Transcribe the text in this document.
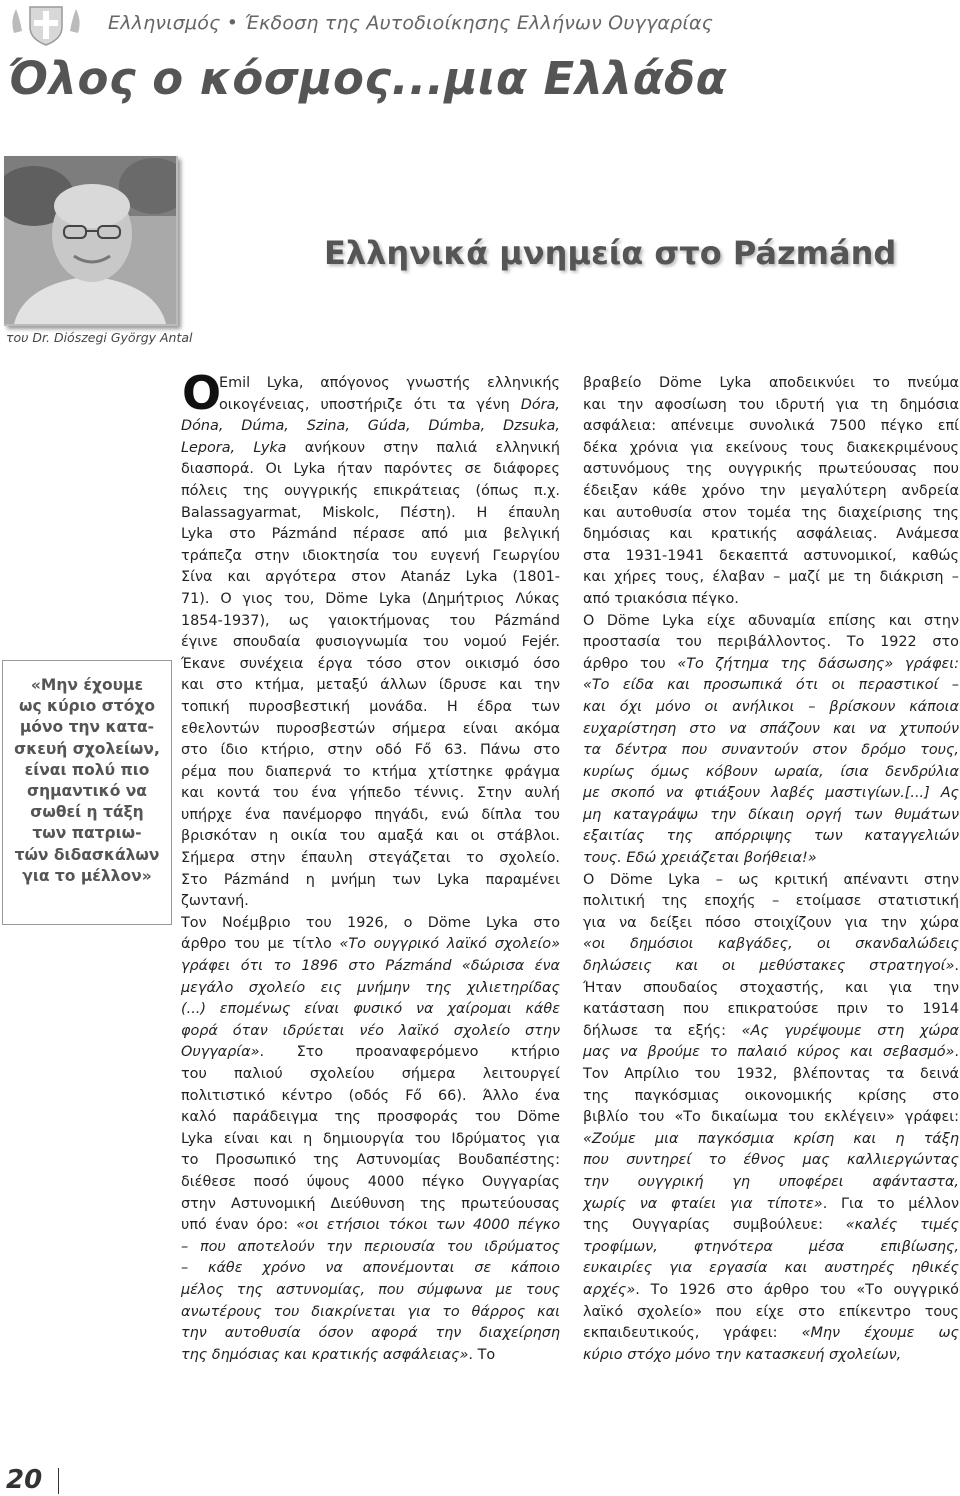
Ελληνισμός • Έκδοση της Αυτοδιοίκησης Ελλήνων Ουγγαρίας
Όλος ο κόσμος...μια Ελλάδα
του Dr. Diószegi György Antal
Ελληνικά μνημεία στο Pázmánd
«Μην έχουμε
ως κύριο στόχο
μόνο την κατα-
σκευή σχολείων,
είναι πολύ πιο
σημαντικό να
σωθεί η τάξη
των πατριω-
τών διδασκάλων
για το μέλλον»
O
Emil Lyka, απόγονος γνωστής ελληνικής
οικογένειας, υποστήριζε ότι τα γένη Dóra,
Dóna, Dúma, Szina, Gúda, Dúmba, Dzsuka,
Lepora, Lyka ανήκουν στην παλιά ελληνική
διασπορά. Οι Lyka ήταν παρόντες σε διάφορες
πόλεις της ουγγρικής επικράτειας (όπως π.χ.
Balassagyarmat, Miskolc, Πέστη). Η έπαυλη
Lyka στο Pázmánd πέρασε από μια βελγική
τράπεζα στην ιδιοκτησία του ευγενή Γεωργίου
Σίνα και αργότερα στον Atanáz Lyka (1801-
71). Ο γιος του, Döme Lyka (Δημήτριος Λύκας
1854-1937), ως γαιοκτήμονας του Pázmánd
έγινε σπουδαία φυσιογνωμία του νομού Fejér.
Έκανε συνέχεια έργα τόσο στον οικισμό όσο
και στο κτήμα, μεταξύ άλλων ίδρυσε και την
τοπική πυροσβεστική μονάδα. Η έδρα των
εθελοντών πυροσβεστών σήμερα είναι ακόμα
στο ίδιο κτήριο, στην οδό Fő 63. Πάνω στο
ρέμα που διαπερνά το κτήμα χτίστηκε φράγμα
και κοντά του ένα γήπεδο τέννις. Στην αυλή
υπήρχε ένα πανέμορφο πηγάδι, ενώ δίπλα του
βρισκόταν η οικία του αμαξά και οι στάβλοι.
Σήμερα στην έπαυλη στεγάζεται το σχολείο.
Στο Pázmánd η μνήμη των Lyka παραμένει
ζωντανή.
Τον Νοέμβριο του 1926, ο Döme Lyka στο
άρθρο του με τίτλο «Το ουγγρικό λαϊκό σχολείο»
γράφει ότι το 1896 στο Pázmánd «δώρισα ένα
μεγάλο σχολείο εις μνήμην της χιλιετηρίδας
(...) επομένως είναι φυσικό να χαίρομαι κάθε
φορά όταν ιδρύεται νέο λαϊκό σχολείο στην
Ουγγαρία». Στο προαναφερόμενο κτήριο
του παλιού σχολείου σήμερα λειτουργεί
πολιτιστικό κέντρο (οδός Fő 66). Άλλο ένα
καλό παράδειγμα της προσφοράς του Döme
Lyka είναι και η δημιουργία του Ιδρύματος για
το Προσωπικό της Αστυνομίας Βουδαπέστης:
διέθεσε ποσό ύψους 4000 πέγκο Ουγγαρίας
στην Αστυνομική Διεύθυνση της πρωτεύουσας
υπό έναν όρο: «οι ετήσιοι τόκοι των 4000 πέγκο
– που αποτελούν την περιουσία του ιδρύματος
– κάθε χρόνο να απονέμονται σε κάποιο
μέλος της αστυνομίας, που σύμφωνα με τους
ανωτέρους του διακρίνεται για το θάρρος και
την αυτοθυσία όσον αφορά την διαχείρηση
της δημόσιας και κρατικής ασφάλειας». Το
βραβείο Döme Lyka αποδεικνύει το πνεύμα
και την αφοσίωση του ιδρυτή για τη δημόσια
ασφάλεια: απένειμε συνολικά 7500 πέγκο επί
δέκα χρόνια για εκείνους τους διακεκριμένους
αστυνόμους της ουγγρικής πρωτεύουσας που
έδειξαν κάθε χρόνο την μεγαλύτερη ανδρεία
και αυτοθυσία στον τομέα της διαχείρισης της
δημόσιας και κρατικής ασφάλειας. Ανάμεσα
στα 1931-1941 δεκαεπτά αστυνομικοί, καθώς
και χήρες τους, έλαβαν – μαζί με τη διάκριση –
από τριακόσια πέγκο.
Ο Döme Lyka είχε αδυναμία επίσης και στην
προστασία του περιβάλλοντος. Το 1922 στο
άρθρο του «Το ζήτημα της δάσωσης» γράφει:
«Το είδα και προσωπικά ότι οι περαστικοί –
και όχι μόνο οι ανήλικοι – βρίσκουν κάποια
ευχαρίστηση στο να σπάζουν και να χτυπούν
τα δέντρα που συναντούν στον δρόμο τους,
κυρίως όμως κόβουν ωραία, ίσια δενδρύλια
με σκοπό να φτιάξουν λαβές μαστιγίων.[...] Ας
μη καταγράψω την δίκαιη οργή των θυμάτων
εξαιτίας της απόρριψης των καταγγελιών
τους. Εδώ χρειάζεται βοήθεια!»
Ο Döme Lyka – ως κριτική απέναντι στην
πολιτική της εποχής – ετοίμασε στατιστική
για να δείξει πόσο στοιχίζουν για την χώρα
«οι δημόσιοι καβγάδες, οι σκανδαλώδεις
δηλώσεις και οι μεθύστακες στρατηγοί».
Ήταν σπουδαίος στοχαστής, και για την
κατάσταση που επικρατούσε πριν το 1914
δήλωσε τα εξής: «Ας γυρέψουμε στη χώρα
μας να βρούμε το παλαιό κύρος και σεβασμό».
Τον Απρίλιο του 1932, βλέποντας τα δεινά
της παγκόσμιας οικονομικής κρίσης στο
βιβλίο του «Το δικαίωμα του εκλέγειν» γράφει:
«Ζούμε μια παγκόσμια κρίση και η τάξη
που συντηρεί το έθνος μας καλλιεργώντας
την ουγγρική γη υποφέρει αφάνταστα,
χωρίς να φταίει για τίποτε». Για το μέλλον
της Ουγγαρίας συμβούλευε: «καλές τιμές
τροφίμων, φτηνότερα μέσα επιβίωσης,
ευκαιρίες για εργασία και αυστηρές ηθικές
αρχές». Το 1926 στο άρθρο του «Το ουγγρικό
λαϊκό σχολείο» που είχε στο επίκεντρο τους
εκπαιδευτικούς, γράφει: «Μην έχουμε ως
κύριο στόχο μόνο την κατασκευή σχολείων,
20
